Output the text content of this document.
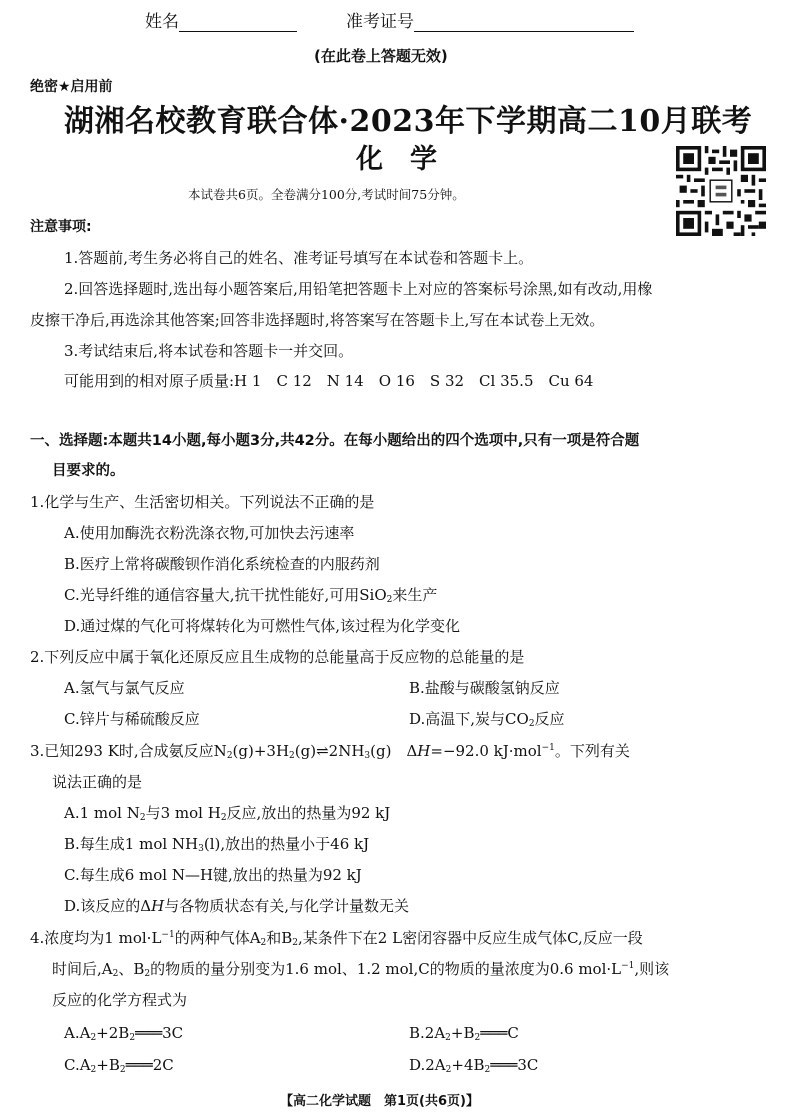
姓名	准考证号
(在此卷上答题无效)
绝密★启用前
湖湘名校教育联合体·2023年下学期高二10月联考
化　学
本试卷共6页。全卷满分100分,考试时间75分钟。
注意事项:
1.答题前,考生务必将自己的姓名、准考证号填写在本试卷和答题卡上。
2.回答选择题时,选出每小题答案后,用铅笔把答题卡上对应的答案标号涂黑,如有改动,用橡
皮擦干净后,再选涂其他答案;回答非选择题时,将答案写在答题卡上,写在本试卷上无效。
3.考试结束后,将本试卷和答题卡一并交回。
可能用到的相对原子质量:H 1　C 12　N 14　O 16　S 32　Cl 35.5　Cu 64
一、选择题:本题共14小题,每小题3分,共42分。在每小题给出的四个选项中,只有一项是符合题
目要求的。
1.化学与生产、生活密切相关。下列说法不正确的是
A.使用加酶洗衣粉洗涤衣物,可加快去污速率
B.医疗上常将碳酸钡作消化系统检查的内服药剂
C.光导纤维的通信容量大,抗干扰性能好,可用SiO$_2$来生产
D.通过煤的气化可将煤转化为可燃性气体,该过程为化学变化
2.下列反应中属于氧化还原反应且生成物的总能量高于反应物的总能量的是
A.氢气与氯气反应	B.盐酸与碳酸氢钠反应
C.锌片与稀硫酸反应	D.高温下,炭与$CO_2$反应
3.已知293 K时,合成氨反应$N_2(g)+3H_2(g)\rightleftharpoons 2NH_3(g)$　ΔH=−92.0 kJ·mol$^{-1}$。下列有关
说法正确的是
A.1 mol $N_2$与3 mol $H_2$反应,放出的热量为92 kJ
B.每生成1 mol $NH_3(l)$,放出的热量小于46 kJ
C.每生成6 mol N—H键,放出的热量为92 kJ
D.该反应的ΔH与各物质状态有关,与化学计量数无关
4.浓度均为1 $mol\cdot L^{-1}$的两种气体$A_2$和$B_2$,某条件下在2 L密闭容器中反应生成气体C,反应一段
时间后$,A_2$、$B_2$的物质的量分别变为1.6 mol、1.2 mol,C的物质的量浓度为0.6 $mol\cdot L^{-1}$,则该
反应的化学方程式为
$A.A_2+2B_2═══3C$	$B.2A_2+B_2═══C$
$C.A_2+B_2═══2C$	$D.2A_2+4B_2═══3C$
【高二化学试题　第1页(共6页)】
